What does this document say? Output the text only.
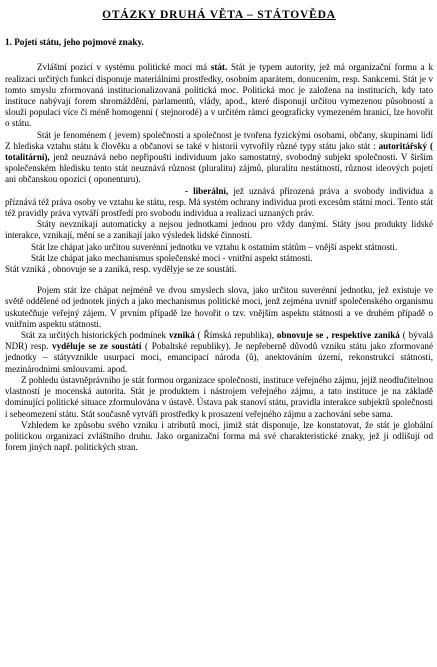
OTÁZKY DRUHÁ VĚTA – STÁTOVĚDA
1. Pojetí státu, jeho pojmové znaky.

Zvláštní pozici v systému politické moci má stát. Stát je typem autority, jež má organizační formu a k realizaci určitých funkcí disponuje materiálními prostředky, osobním aparátem, donucením, resp. Sankcemi. Stát je v tomto smyslu zformovaná institucionalizovaná politická moc. Politická moc je založena na institucích, kdy tato instituce nabývají forem shromáždění, parlamentů, vlády, apod., které disponují určitou vymezenou působností a slouží populaci více či méně homogenní ( stejnorodé) a v určitém rámci geograficky vymezeném hranicí, lze hovořit o státu.

Stát je fenoménem ( jevem) společnosti a společnost je tvořena fyzickými osobami, občany, skupinami lidí Z hlediska vztahu státu k člověku a občanovi se také v historii vytvořily různé typy státu jako stát : autoritářský ( totalitární), jenž neuznává nebo nepřipouští individuum jako samostatný, svobodný subjekt společnosti. V širším společenském hledisku tento stát neuznává různost (pluralitu) zájmů, pluralitu nestátností, různost ideových pojetí ani občanskou opozici ( oponenturu).

- liberální, jež uznává přirozená práva a svobody individua a příznává též práva osoby ve vztahu ke státu, resp. Má systém ochrany individua proti excesům státní moci. Tento stát též pravidly práva vytváří prostředí pro svobodu individua a realizaci uznaných práv.

Státy nevznikají automaticky a nejsou jednotkami jednou pro vždy danými. Státy jsou produkty lidské interakce, vznikají, mění se a zanikají jako výsledek lidské činnosti.

Stát lze chápat jako určitou suverénní jednotku ve vztahu k ostatním státům – vnější aspekt státnosti.

Stát lze chápat jako mechanismus společenské moci - vnitřní aspekt státnosti.

Stát vzniká , obnovuje se a zaniká, resp. vydělуje se ze soustátí.

Pojem stát lze chápat nejméně ve dvou smyslech slova, jako určitou suverénní jednotku, jež existuje ve světě oddělené od jednotek jiných a jako mechanismus politické moci, jenž zejména uvnitř společenského organismu uskutečňuje veřejný zájem. V prvním případě lze hovořit o tzv. vnějším aspektu státnosti a ve druhém případě o vnitřním aspektu státnosti.

Stát za určitých historických podmínek vzniká ( Římská republika), obnovuje se , respektive zaniká ( bývalá NDR) resp. vyděluje se ze soustátí ( Pobaltské republiky). Je nepřeberně důvodů vzniku státu jako zformované jednotky – státyvznikle usurpací moci, emancipací národa (ů), anektováním území, rekonstrukcí státnosti, mezinárodními smlouvami. apod.

Z pohledu ústavněprávního je stát formou organizace společnosti, instituce veřejného zájmu, jejíž neodlučitelnou vlastností je mocenská autorita. Stát je produktem i nástrojem veřejného zájmu, a tato instituce je na základě dominující politické situace zformulována v ústavě. Ústava pak stanoví státu, pravidla interakce subjektů společnosti i sebeomezení státu. Stát současně vytváří prostředky k prosazení veřejného zájmu a zachování sebe sama.

Vzhledem ke způsobu svého vzniku i atributů moci, jimiž stát disponuje, lze konstatovat, že stát je globální politickou organizací zvláštního druhu. Jako organizační forma má své charakteristické znaky, jež ji odlišují od forem jiných např. politických stran.
